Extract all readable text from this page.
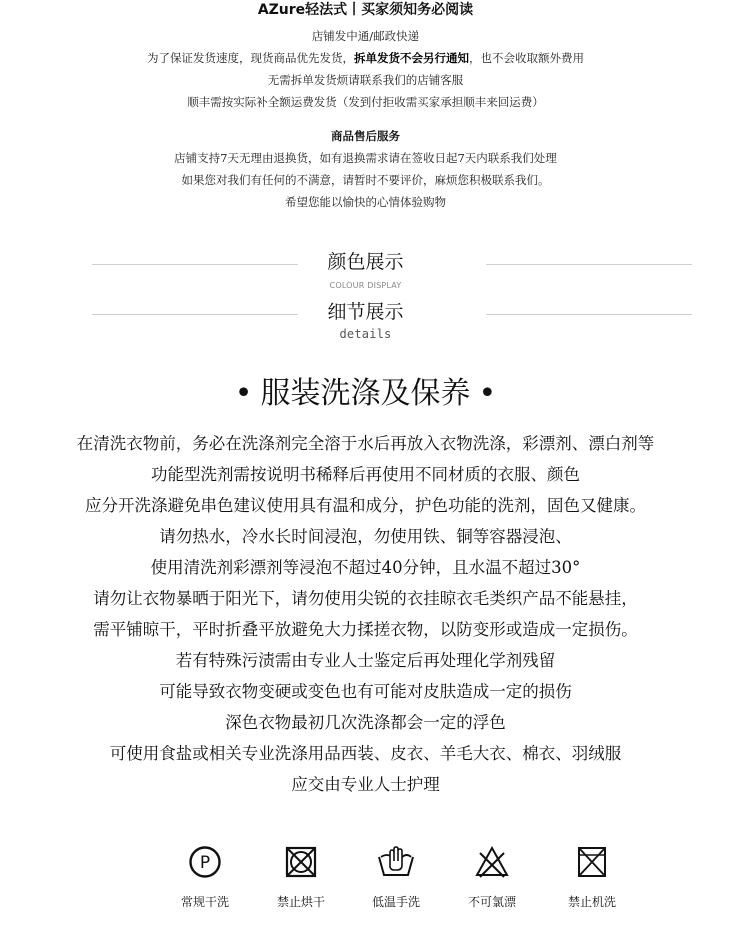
AZure轻法式丨买家须知务必阅读
店铺发中通/邮政快递
为了保证发货速度，现货商品优先发货，拆单发货不会另行通知，也不会收取额外费用
无需拆单发货烦请联系我们的店铺客服
顺丰需按实际补全额运费发货（发到付拒收需买家承担顺丰来回运费）
商品售后服务
店铺支持7天无理由退换货，如有退换需求请在签收日起7天内联系我们处理
如果您对我们有任何的不满意，请暂时不要评价，麻烦您积极联系我们。
希望您能以愉快的心情体验购物
颜色展示
COLOUR DISPLAY
细节展示
details
• 服装洗涤及保养 •
在清洗衣物前，务必在洗涤剂完全溶于水后再放入衣物洗涤，彩漂剂、漂白剂等
功能型洗剂需按说明书稀释后再使用不同材质的衣服、颜色
应分开洗涤避免串色建议使用具有温和成分，护色功能的洗剂，固色又健康。
请勿热水，冷水长时间浸泡，勿使用铁、铜等容器浸泡、
使用清洗剂彩漂剂等浸泡不超过40分钟，且水温不超过30°
请勿让衣物暴晒于阳光下，请勿使用尖锐的衣挂晾衣毛类织产品不能悬挂，
需平铺晾干，平时折叠平放避免大力揉搓衣物，以防变形或造成一定损伤。
若有特殊污渍需由专业人士鉴定后再处理化学剂残留
可能导致衣物变硬或变色也有可能对皮肤造成一定的损伤
深色衣物最初几次洗涤都会一定的浮色
可使用食盐或相关专业洗涤用品西装、皮衣、羊毛大衣、棉衣、羽绒服
应交由专业人士护理
P
常规干洗	禁止烘干	低温手洗	不可氯漂	禁止机洗
